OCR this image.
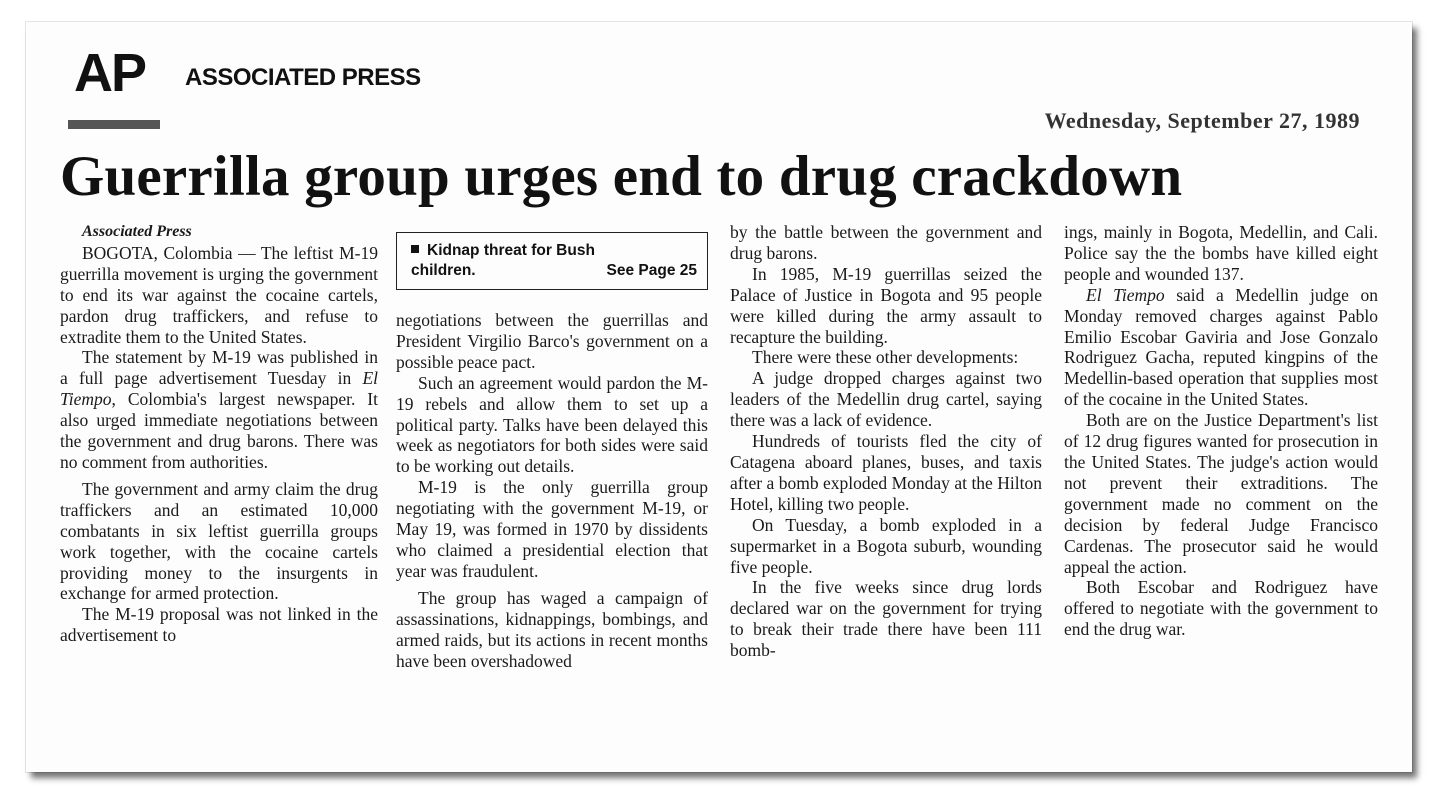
AP ASSOCIATED PRESS
Wednesday, September 27, 1989
Guerrilla group urges end to drug crackdown

Associated Press

BOGOTA, Colombia — The leftist M-19 guerrilla movement is urging the government to end its war against the cocaine cartels, pardon drug traffickers, and refuse to extradite them to the United States.

The statement by M-19 was published in a full page advertisement Tuesday in El Tiempo, Colombia's largest newspaper. It also urged immediate negotiations between the government and drug barons. There was no comment from authorities.

The government and army claim the drug traffickers and an estimated 10,000 combatants in six leftist guerrilla groups work together, with the cocaine cartels providing money to the insurgents in exchange for armed protection.

The M-19 proposal was not linked in the advertisement to

Kidnap threat for Bush
children.	See Page 25

negotiations between the guerrillas and President Virgilio Barco's government on a possible peace pact.

Such an agreement would pardon the M-19 rebels and allow them to set up a political party. Talks have been delayed this week as negotiators for both sides were said to be working out details.

M-19 is the only guerrilla group negotiating with the government M-19, or May 19, was formed in 1970 by dissidents who claimed a presidential election that year was fraudulent.

The group has waged a campaign of assassinations, kidnappings, bombings, and armed raids, but its actions in recent months have been overshadowed

by the battle between the government and drug barons.

In 1985, M-19 guerrillas seized the Palace of Justice in Bogota and 95 people were killed during the army assault to recapture the building.

There were these other developments:

A judge dropped charges against two leaders of the Medellin drug cartel, saying there was a lack of evidence.

Hundreds of tourists fled the city of Catagena aboard planes, buses, and taxis after a bomb exploded Monday at the Hilton Hotel, killing two people.

On Tuesday, a bomb exploded in a supermarket in a Bogota suburb, wounding five people.

In the five weeks since drug lords declared war on the government for trying to break their trade there have been 111 bomb-

ings, mainly in Bogota, Medellin, and Cali. Police say the the bombs have killed eight people and wounded 137.

El Tiempo said a Medellin judge on Monday removed charges against Pablo Emilio Escobar Gaviria and Jose Gonzalo Rodriguez Gacha, reputed kingpins of the Medellin-based operation that supplies most of the cocaine in the United States.

Both are on the Justice Department's list of 12 drug figures wanted for prosecution in the United States. The judge's action would not prevent their extraditions. The government made no comment on the decision by federal Judge Francisco Cardenas. The prosecutor said he would appeal the action.

Both Escobar and Rodriguez have offered to negotiate with the government to end the drug war.
